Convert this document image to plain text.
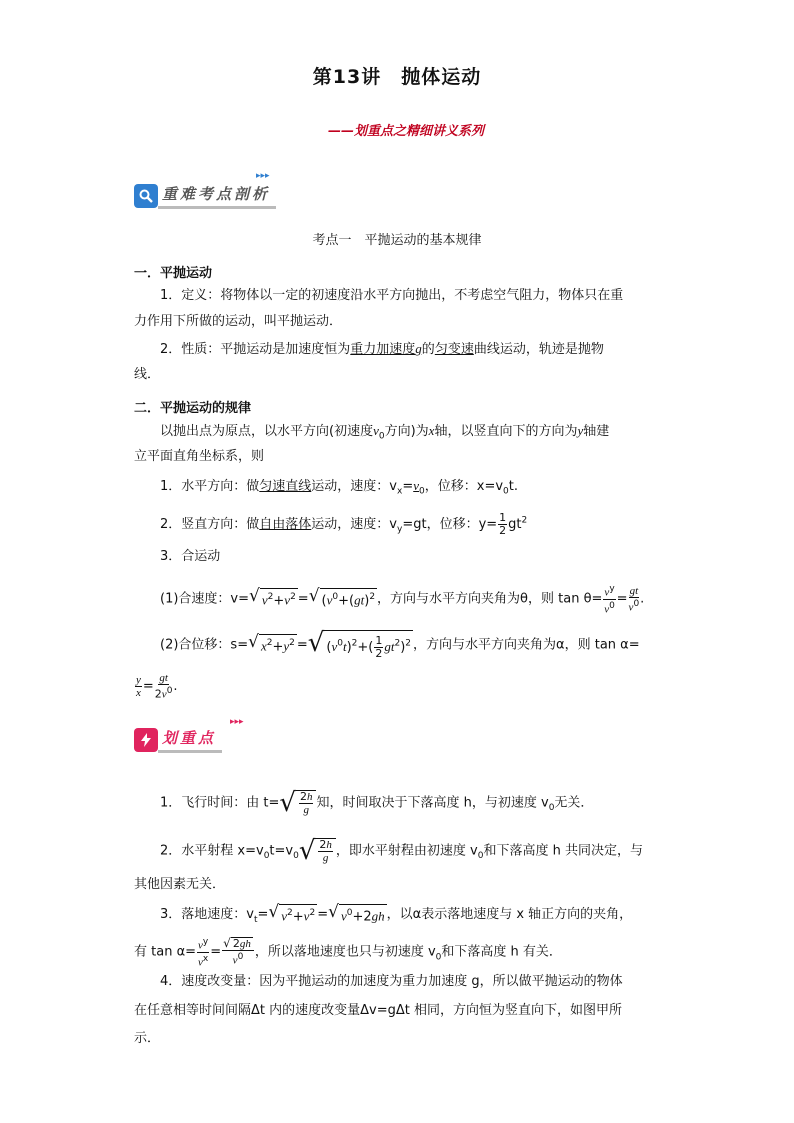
第13讲　抛体运动
——划重点之精细讲义系列
重难考点剖析
▸▸▸
考点一　平抛运动的基本规律
一．平抛运动
1．定义：将物体以一定的初速度沿水平方向抛出，不考虑空气阻力，物体只在重
力作用下所做的运动，叫平抛运动．
2．性质：平抛运动是加速度恒为重力加速度g的匀变速曲线运动，轨迹是抛物
线．
二．平抛运动的规律
以抛出点为原点，以水平方向(初速度$v_0$方向)为x轴，以竖直向下的方向为y轴建
立平面直角坐标系，则
1．水平方向：做匀速直线运动，速度：$v_x=v_0$，位移：$x=v_0t$.
2．竖直方向：做自由落体运动，速度：$v_y=gt$，位移：$y= \frac{1}{2} gt^2$
3．合运动
(1)合速度：v= √ $v^2+v^2$ = √ ($v^0+(gt)^2$ ，方向与水平方向夹角为θ，则 $\tan \theta= \frac{v^y}{v^0} = \frac{gt}{v^0}$ .
(2)合位移：s= √ $x^2+y^2$ = √ $(v^0t)^2+( \frac{1}{2} gt^2)^2$ ，方向与水平方向夹角为α，则 tan α=
$\frac{y}{x} = \frac{gt}{2v^0}$ .
划重点
▸▸▸
1．飞行时间：由 t= √ $\frac{2h}{g}$ 知，时间取决于下落高度 h，与初速度 $v_0$无关．
2．水平射程 $x=v_0t=v_0$ √ $\frac{2h}{g}$ ，即水平射程由初速度 $v_0$和下落高度 h 共同决定，与
其他因素无关．
3．落地速度：$v_t=$ √ $v^2+v^2$ = √ $v^0+2gh$ ，以α表示落地速度与 x 轴正方向的夹角，
有 $\tan \alpha= \frac{v^y}{v^x} = \frac{√ 2gh}{v^0}$ ，所以落地速度也只与初速度 $v_0$和下落高度 h 有关．
4．速度改变量：因为平抛运动的加速度为重力加速度 g，所以做平抛运动的物体
在任意相等时间间隔Δt 内的速度改变量Δv=gΔt 相同，方向恒为竖直向下，如图甲所
示．
